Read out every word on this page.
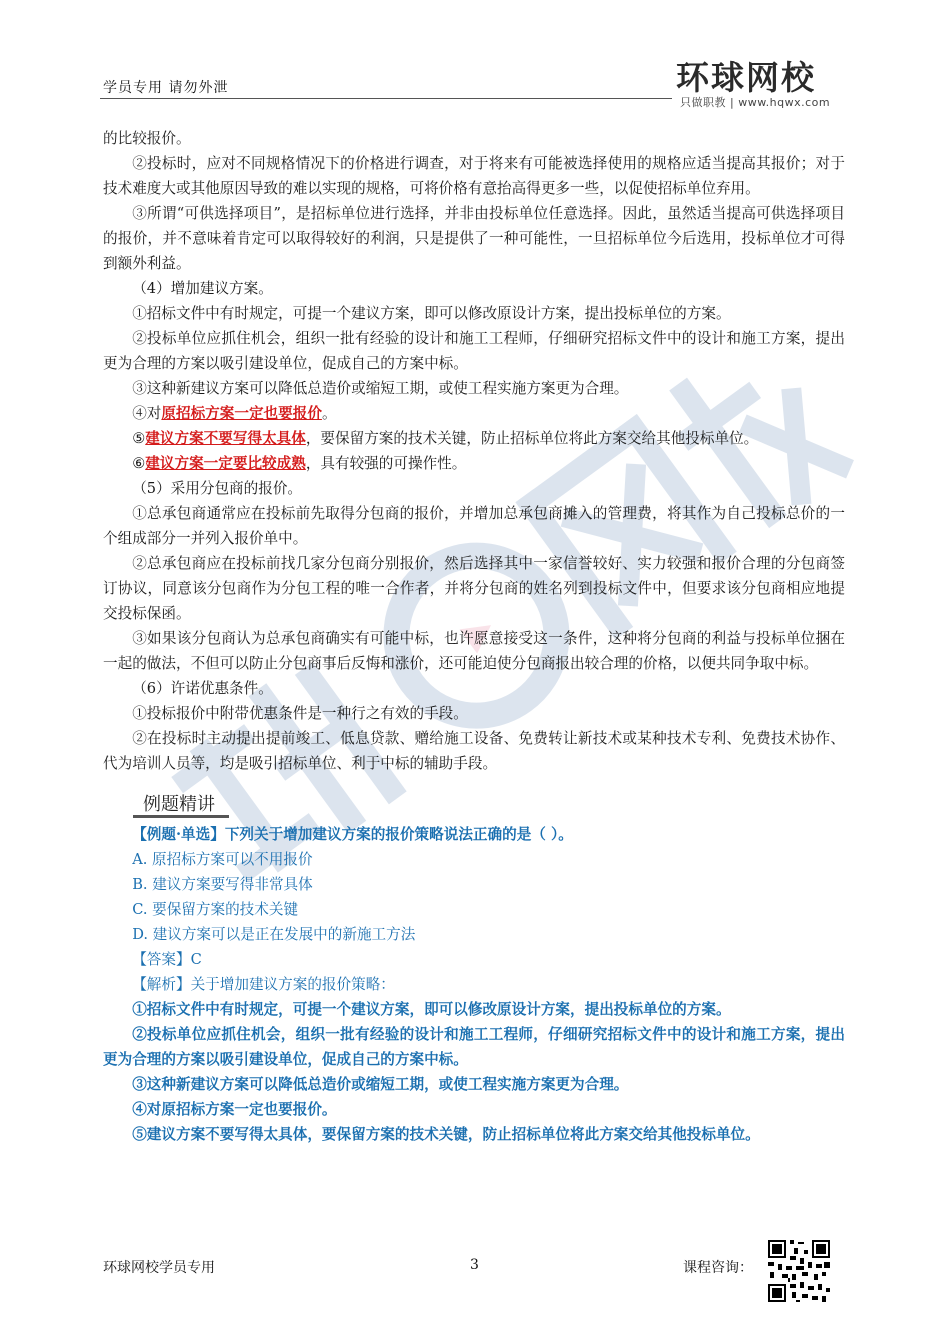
学员专用 请勿外泄	环球网校
只做职教 | www.hqwx.com

的比较报价。

②投标时，应对不同规格情况下的价格进行调查，对于将来有可能被选择使用的规格应适当提高其报价；对于技术难度大或其他原因导致的难以实现的规格，可将价格有意抬高得更多一些，以促使招标单位弃用。

③所谓“可供选择项目”，是招标单位进行选择，并非由投标单位任意选择。因此，虽然适当提高可供选择项目的报价，并不意味着肯定可以取得较好的利润，只是提供了一种可能性，一旦招标单位今后选用，投标单位才可得到额外利益。

（4）增加建议方案。

①招标文件中有时规定，可提一个建议方案，即可以修改原设计方案，提出投标单位的方案。

②投标单位应抓住机会，组织一批有经验的设计和施工工程师，仔细研究招标文件中的设计和施工方案，提出更为合理的方案以吸引建设单位，促成自己的方案中标。

③这种新建议方案可以降低总造价或缩短工期，或使工程实施方案更为合理。

④对原招标方案一定也要报价。

⑤建议方案不要写得太具体，要保留方案的技术关键，防止招标单位将此方案交给其他投标单位。

⑥建议方案一定要比较成熟，具有较强的可操作性。

（5）采用分包商的报价。

①总承包商通常应在投标前先取得分包商的报价，并增加总承包商摊入的管理费，将其作为自己投标总价的一个组成部分一并列入报价单中。

②总承包商应在投标前找几家分包商分别报价，然后选择其中一家信誉较好、实力较强和报价合理的分包商签订协议，同意该分包商作为分包工程的唯一合作者，并将分包商的姓名列到投标文件中，但要求该分包商相应地提交投标保函。

③如果该分包商认为总承包商确实有可能中标，也许愿意接受这一条件，这种将分包商的利益与投标单位捆在一起的做法，不但可以防止分包商事后反悔和涨价，还可能迫使分包商报出较合理的价格，以便共同争取中标。

（6）许诺优惠条件。

①投标报价中附带优惠条件是一种行之有效的手段。

②在投标时主动提出提前竣工、低息贷款、赠给施工设备、免费转让新技术或某种技术专利、免费技术协作、代为培训人员等，均是吸引招标单位、利于中标的辅助手段。

例题精讲
【例题·单选】下列关于增加建议方案的报价策略说法正确的是（ ）。
A. 原招标方案可以不用报价
B. 建议方案要写得非常具体
C. 要保留方案的技术关键
D. 建议方案可以是正在发展中的新施工方法
【答案】C
【解析】关于增加建议方案的报价策略：

①招标文件中有时规定，可提一个建议方案，即可以修改原设计方案，提出投标单位的方案。

②投标单位应抓住机会，组织一批有经验的设计和施工工程师，仔细研究招标文件中的设计和施工方案，提出更为合理的方案以吸引建设单位，促成自己的方案中标。

③这种新建议方案可以降低总造价或缩短工期，或使工程实施方案更为合理。

④对原招标方案一定也要报价。

⑤建议方案不要写得太具体，要保留方案的技术关键，防止招标单位将此方案交给其他投标单位。

环球网校学员专用	3	课程咨询：
